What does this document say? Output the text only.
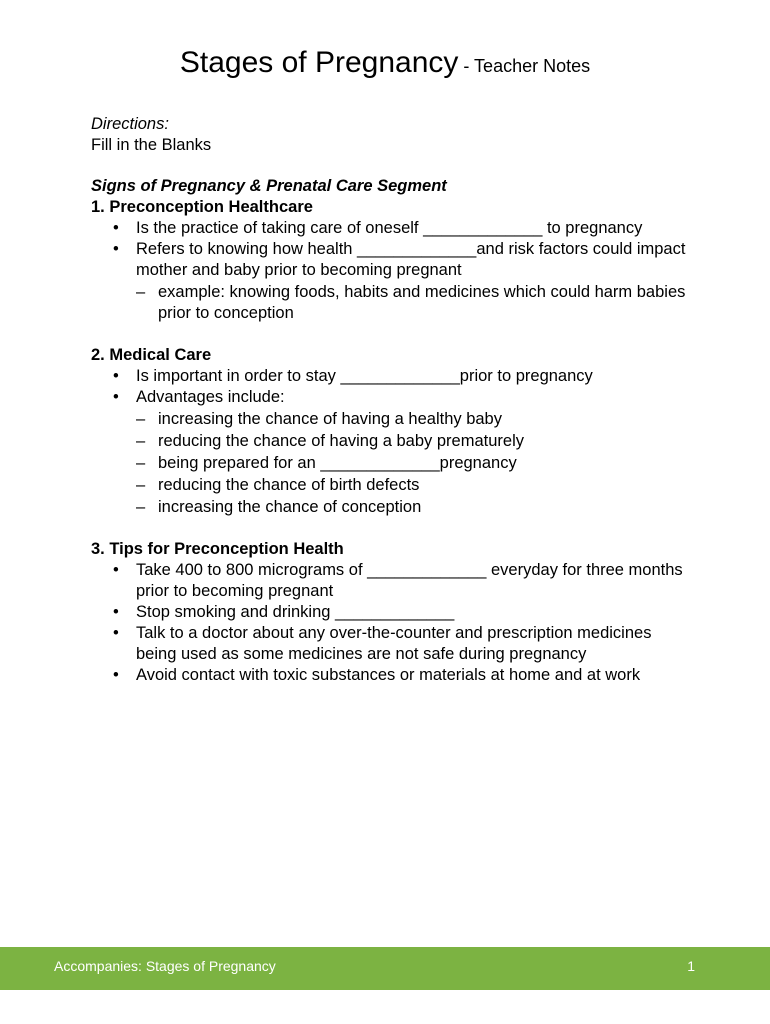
Stages of Pregnancy - Teacher Notes
Directions:
Fill in the Blanks
Signs of Pregnancy & Prenatal Care Segment
1. Preconception Healthcare
• Is the practice of taking care of oneself _____________ to pregnancy
• Refers to knowing how health _____________and risk factors could impact mother and baby prior to becoming pregnant
– example: knowing foods, habits and medicines which could harm babies prior to conception
2. Medical Care
• Is important in order to stay _____________prior to pregnancy
• Advantages include:
– increasing the chance of having a healthy baby
– reducing the chance of having a baby prematurely
– being prepared for an _____________pregnancy
– reducing the chance of birth defects
– increasing the chance of conception
3. Tips for Preconception Health
• Take 400 to 800 micrograms of _____________ everyday for three months prior to becoming pregnant
• Stop smoking and drinking _____________
• Talk to a doctor about any over-the-counter and prescription medicines being used as some medicines are not safe during pregnancy
• Avoid contact with toxic substances or materials at home and at work
Accompanies: Stages of Pregnancy	1
